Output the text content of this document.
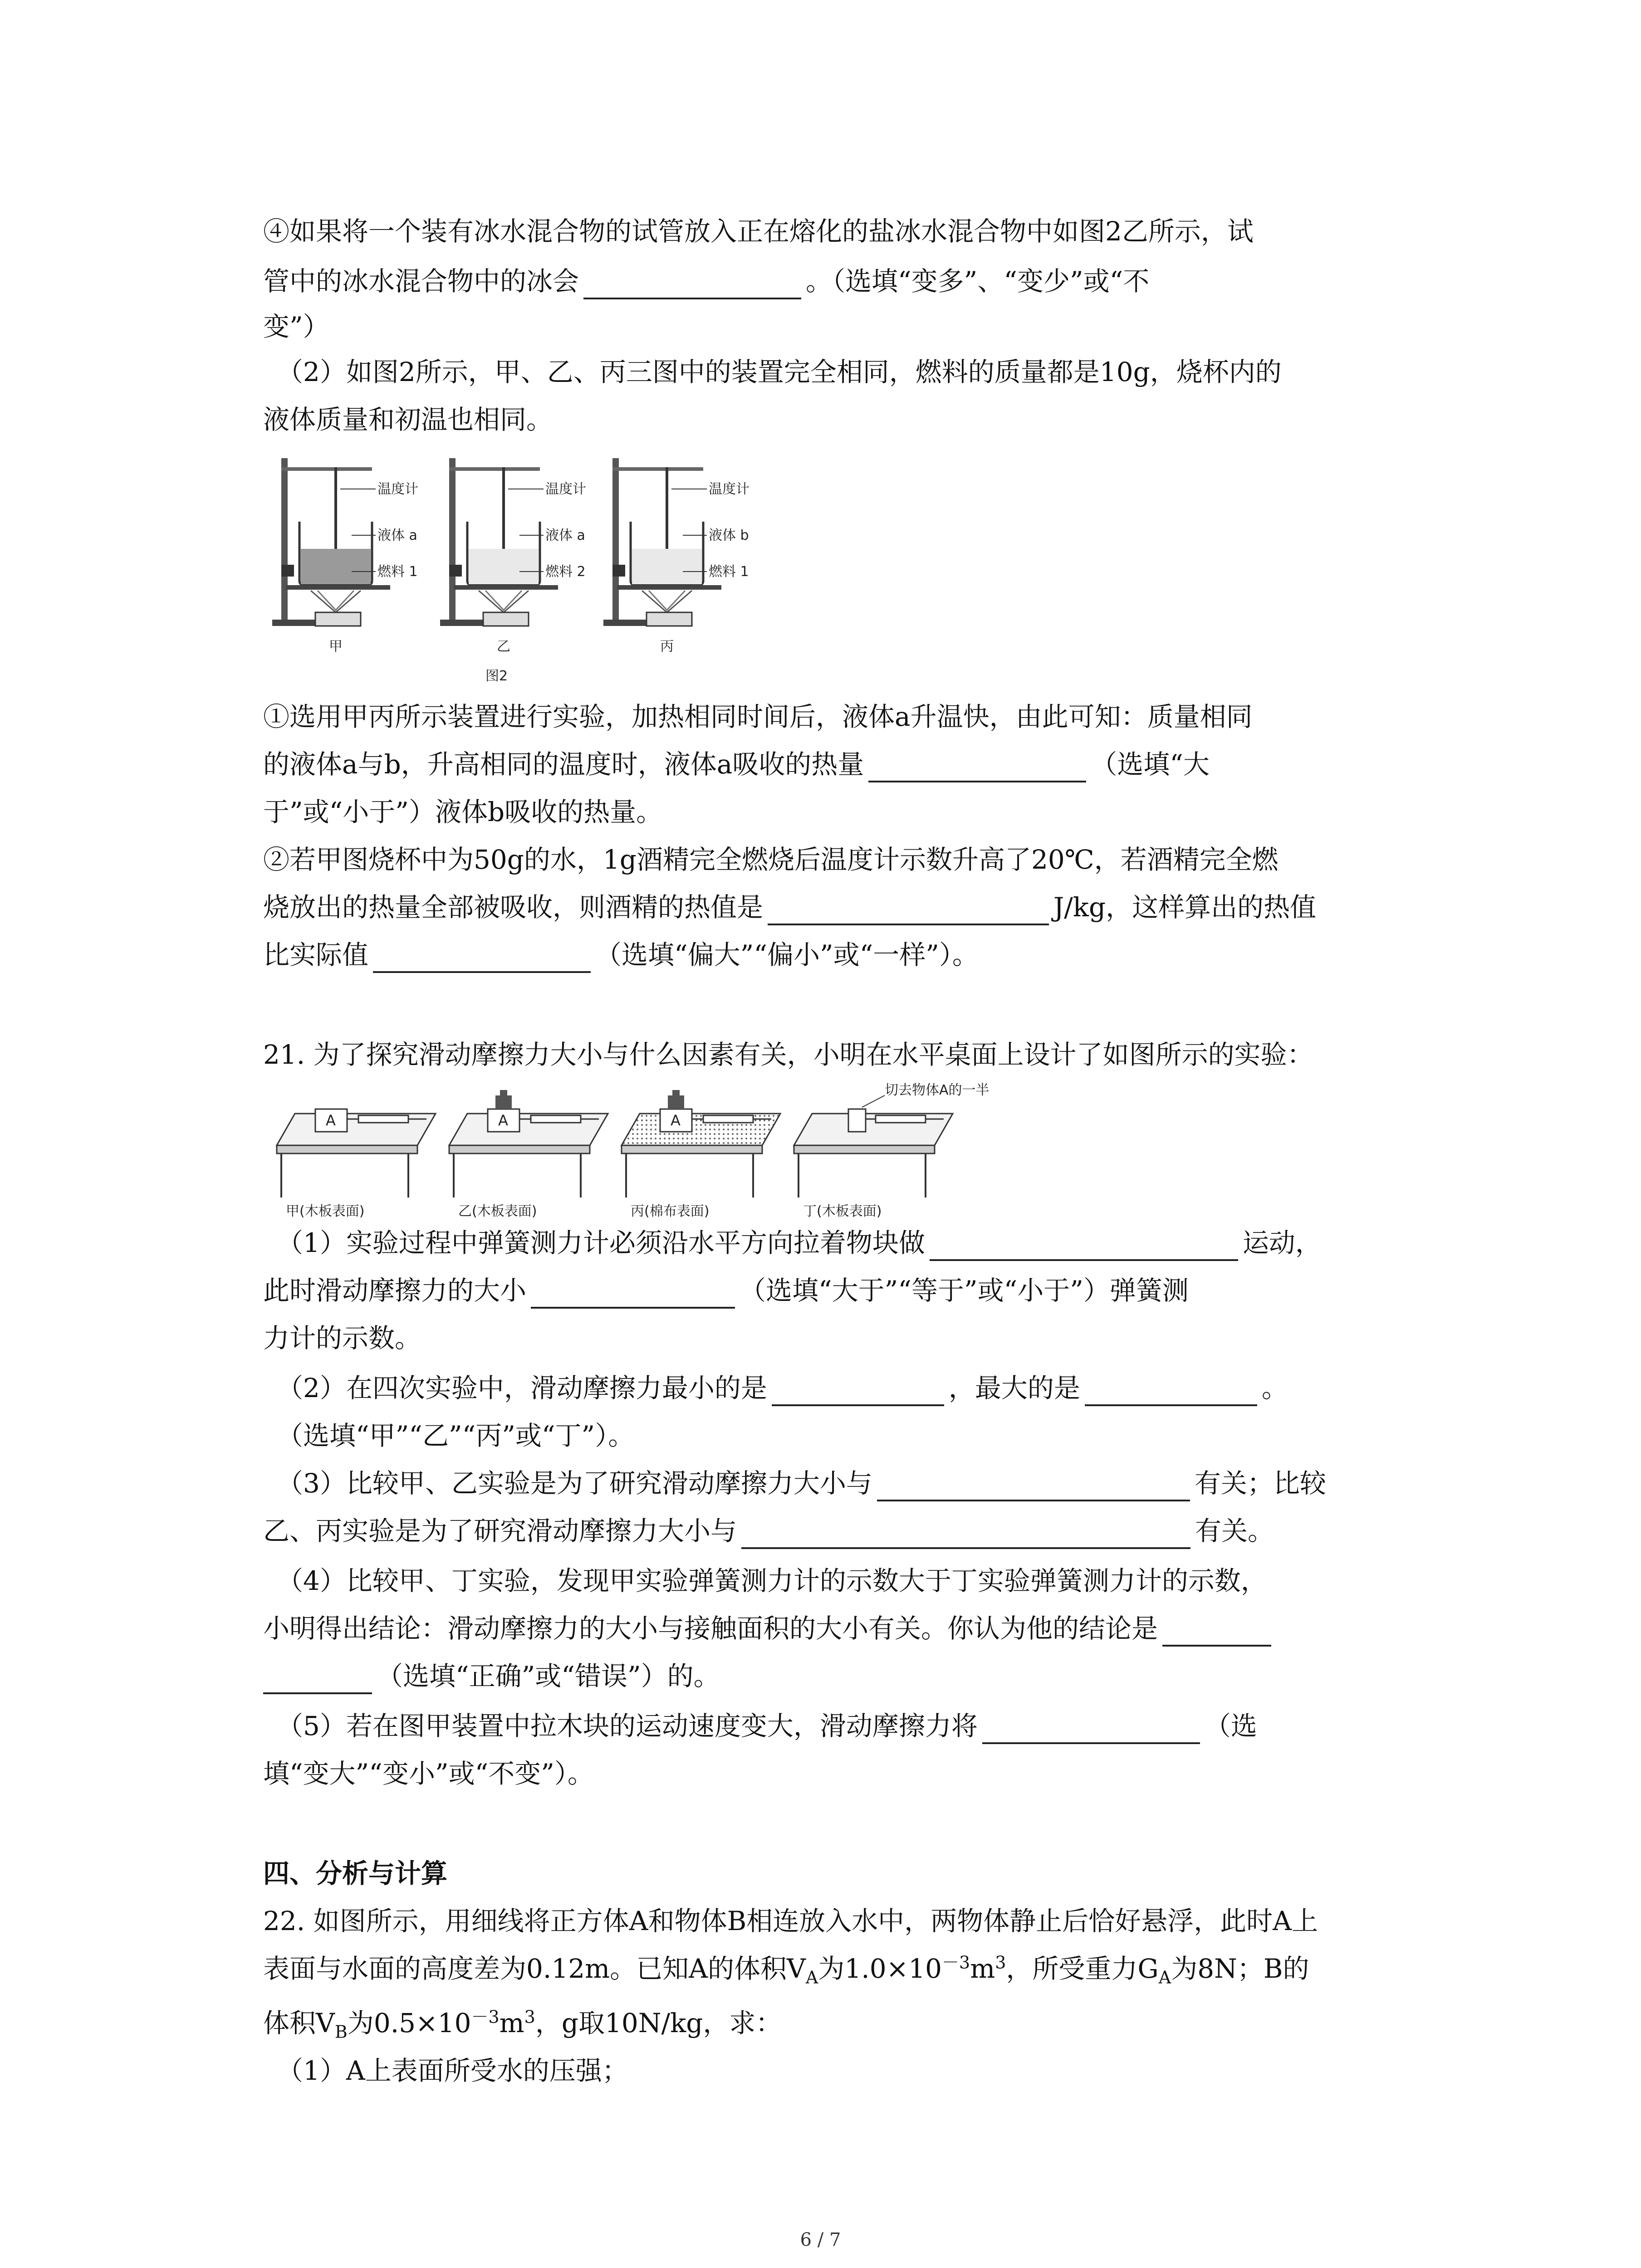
④如果将一个装有冰水混合物的试管放入正在熔化的盐冰水混合物中如图2乙所示，试
管中的冰水混合物中的冰会	。（选填“变多”、“变少”或“不
变”）
（2）如图2所示，甲、乙、丙三图中的装置完全相同，燃料的质量都是10g，烧杯内的
液体质量和初温也相同。
温度计
液体 a
燃料 1
温度计
液体 a
燃料 2
温度计
液体 b
燃料 1
甲	乙	丙
图2
①选用甲丙所示装置进行实验，加热相同时间后，液体a升温快，由此可知：质量相同
的液体a与b，升高相同的温度时，液体a吸收的热量	（选填“大
于”或“小于”）液体b吸收的热量。
②若甲图烧杯中为50g的水，1g酒精完全燃烧后温度计示数升高了20℃，若酒精完全燃
烧放出的热量全部被吸收，则酒精的热值是	J/kg，这样算出的热值
比实际值	（选填“偏大”“偏小”或“一样”）。
21. 为了探究滑动摩擦力大小与什么因素有关，小明在水平桌面上设计了如图所示的实验：
A	A	A
切去物体A的一半
甲(木板表面)	乙(木板表面)	丙(棉布表面)	丁(木板表面)
（1）实验过程中弹簧测力计必须沿水平方向拉着物块做	运动，
此时滑动摩擦力的大小	（选填“大于”“等于”或“小于”）弹簧测
力计的示数。
（2）在四次实验中，滑动摩擦力最小的是	，最大的是	。
（选填“甲”“乙”“丙”或“丁”）。
（3）比较甲、乙实验是为了研究滑动摩擦力大小与	有关；比较
乙、丙实验是为了研究滑动摩擦力大小与	有关。
（4）比较甲、丁实验，发现甲实验弹簧测力计的示数大于丁实验弹簧测力计的示数，
小明得出结论：滑动摩擦力的大小与接触面积的大小有关。你认为他的结论是
（选填“正确”或“错误”）的。
（5）若在图甲装置中拉木块的运动速度变大，滑动摩擦力将	（选
填“变大”“变小”或“不变”）。
四、分析与计算
22. 如图所示，用细线将正方体A和物体B相连放入水中，两物体静止后恰好悬浮，此时A上
表面与水面的高度差为0.12m。已知A的体积$V_A$为$1.0\times 10^{-3}m^3$，所受重力$G_A$为8N；B的
体积$V_B$为$0.5\times 10^{-3}m^3$，g取10N/kg，求：
（1）A上表面所受水的压强；
6 / 7
